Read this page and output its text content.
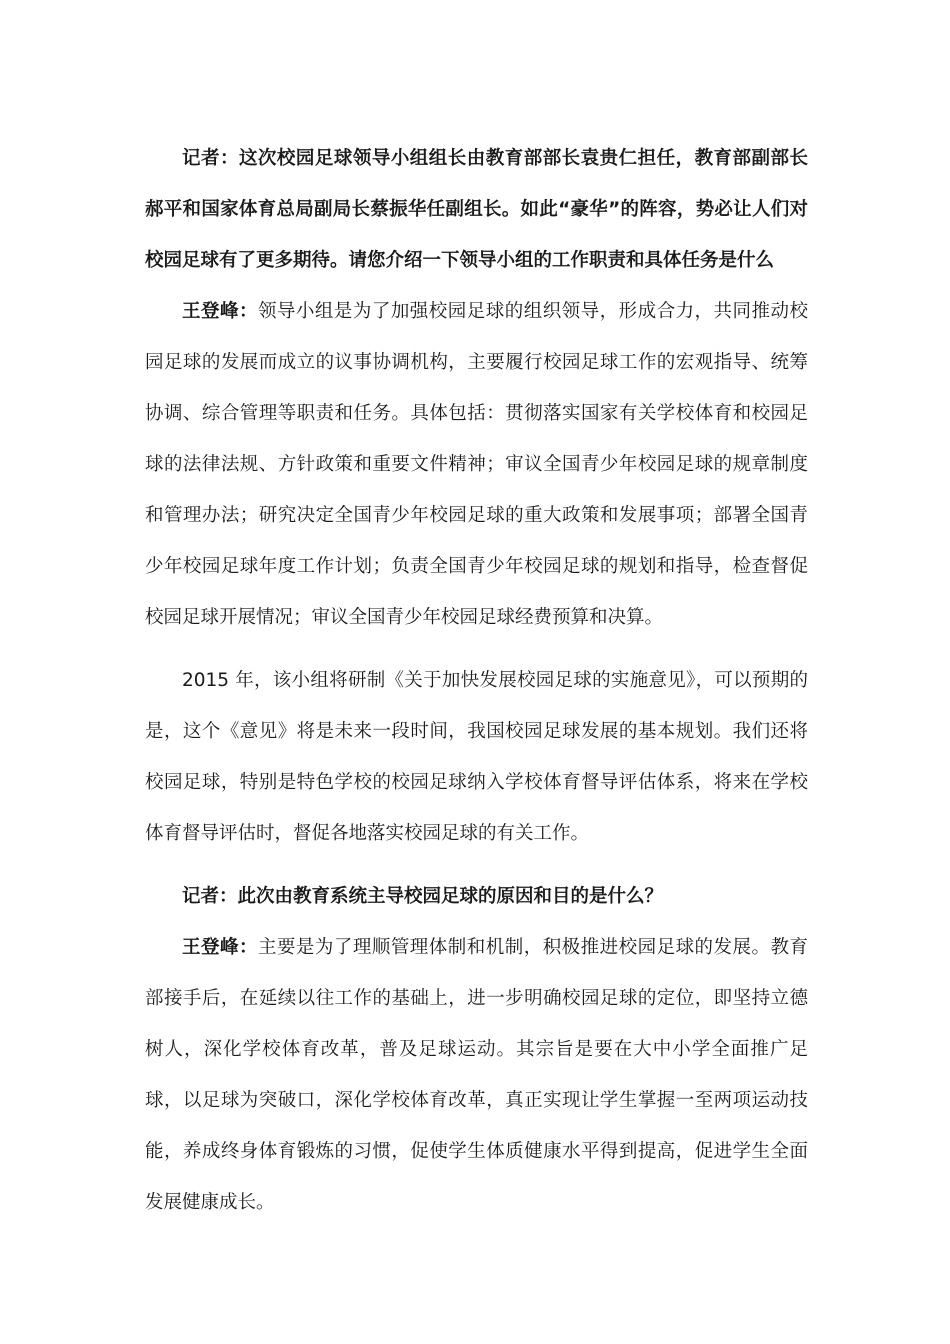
记者：这次校园足球领导小组组长由教育部部长袁贵仁担任，教育部副部长郝平和国家体育总局副局长蔡振华任副组长。如此“豪华”的阵容，势必让人们对校园足球有了更多期待。请您介绍一下领导小组的工作职责和具体任务是什么

王登峰：领导小组是为了加强校园足球的组织领导，形成合力，共同推动校园足球的发展而成立的议事协调机构，主要履行校园足球工作的宏观指导、统筹协调、综合管理等职责和任务。具体包括：贯彻落实国家有关学校体育和校园足球的法律法规、方针政策和重要文件精神；审议全国青少年校园足球的规章制度和管理办法；研究决定全国青少年校园足球的重大政策和发展事项；部署全国青少年校园足球年度工作计划；负责全国青少年校园足球的规划和指导，检查督促校园足球开展情况；审议全国青少年校园足球经费预算和决算。

2015 年，该小组将研制《关于加快发展校园足球的实施意见》，可以预期的是，这个《意见》将是未来一段时间，我国校园足球发展的基本规划。我们还将校园足球，特别是特色学校的校园足球纳入学校体育督导评估体系，将来在学校体育督导评估时，督促各地落实校园足球的有关工作。

记者：此次由教育系统主导校园足球的原因和目的是什么？

王登峰：主要是为了理顺管理体制和机制，积极推进校园足球的发展。教育部接手后，在延续以往工作的基础上，进一步明确校园足球的定位，即坚持立德树人，深化学校体育改革，普及足球运动。其宗旨是要在大中小学全面推广足球，以足球为突破口，深化学校体育改革，真正实现让学生掌握一至两项运动技能，养成终身体育锻炼的习惯，促使学生体质健康水平得到提高，促进学生全面发展健康成长。
